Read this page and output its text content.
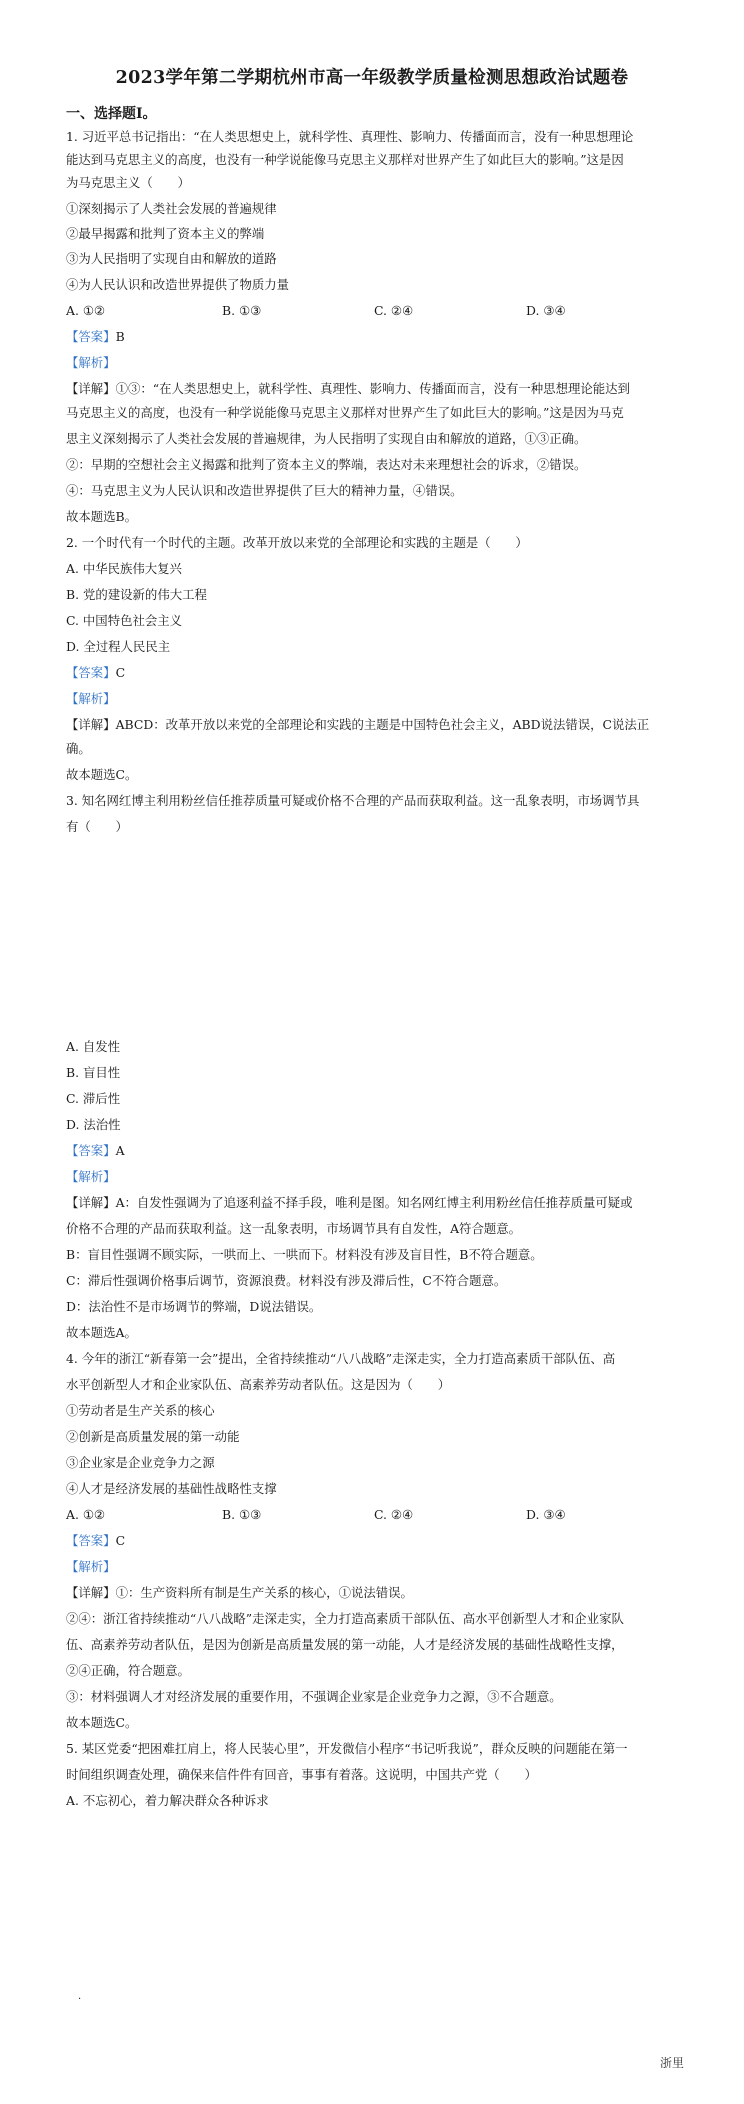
2023学年第二学期杭州市高一年级教学质量检测思想政治试题卷
一、选择题Ⅰ。
1. 习近平总书记指出：“在人类思想史上，就科学性、真理性、影响力、传播面而言，没有一种思想理论
能达到马克思主义的高度，也没有一种学说能像马克思主义那样对世界产生了如此巨大的影响。”这是因
为马克思主义（　　）
①深刻揭示了人类社会发展的普遍规律
②最早揭露和批判了资本主义的弊端
③为人民指明了实现自由和解放的道路
④为人民认识和改造世界提供了物质力量
A. ①②	B. ①③	C. ②④	D. ③④
【答案】B
【解析】
【详解】①③：“在人类思想史上，就科学性、真理性、影响力、传播面而言，没有一种思想理论能达到
马克思主义的高度，也没有一种学说能像马克思主义那样对世界产生了如此巨大的影响。”这是因为马克
思主义深刻揭示了人类社会发展的普遍规律，为人民指明了实现自由和解放的道路，①③正确。
②：早期的空想社会主义揭露和批判了资本主义的弊端，表达对未来理想社会的诉求，②错误。
④：马克思主义为人民认识和改造世界提供了巨大的精神力量，④错误。
故本题选B。
2. 一个时代有一个时代的主题。改革开放以来党的全部理论和实践的主题是（　　）
A. 中华民族伟大复兴
B. 党的建设新的伟大工程
C. 中国特色社会主义
D. 全过程人民民主
【答案】C
【解析】
【详解】ABCD：改革开放以来党的全部理论和实践的主题是中国特色社会主义，ABD说法错误，C说法正
确。
故本题选C。
3. 知名网红博主利用粉丝信任推荐质量可疑或价格不合理的产品而获取利益。这一乱象表明，市场调节具
有（　　）
A. 自发性
B. 盲目性
C. 滞后性
D. 法治性
【答案】A
【解析】
【详解】A：自发性强调为了追逐利益不择手段，唯利是图。知名网红博主利用粉丝信任推荐质量可疑或
价格不合理的产品而获取利益。这一乱象表明，市场调节具有自发性，A符合题意。
B：盲目性强调不顾实际，一哄而上、一哄而下。材料没有涉及盲目性，B不符合题意。
C：滞后性强调价格事后调节，资源浪费。材料没有涉及滞后性，C不符合题意。
D：法治性不是市场调节的弊端，D说法错误。
故本题选A。
4. 今年的浙江“新春第一会”提出，全省持续推动“八八战略”走深走实，全力打造高素质干部队伍、高
水平创新型人才和企业家队伍、高素养劳动者队伍。这是因为（　　）
①劳动者是生产关系的核心
②创新是高质量发展的第一动能
③企业家是企业竞争力之源
④人才是经济发展的基础性战略性支撑
A. ①②	B. ①③	C. ②④	D. ③④
【答案】C
【解析】
【详解】①：生产资料所有制是生产关系的核心，①说法错误。
②④：浙江省持续推动“八八战略”走深走实，全力打造高素质干部队伍、高水平创新型人才和企业家队
伍、高素养劳动者队伍，是因为创新是高质量发展的第一动能，人才是经济发展的基础性战略性支撑，
②④正确，符合题意。
③：材料强调人才对经济发展的重要作用，不强调企业家是企业竞争力之源，③不合题意。
故本题选C。
5. 某区党委“把困难扛肩上，将人民装心里”，开发微信小程序“书记听我说”，群众反映的问题能在第一
时间组织调查处理，确保来信件件有回音，事事有着落。这说明，中国共产党（　　）
A. 不忘初心，着力解决群众各种诉求
·
浙里
